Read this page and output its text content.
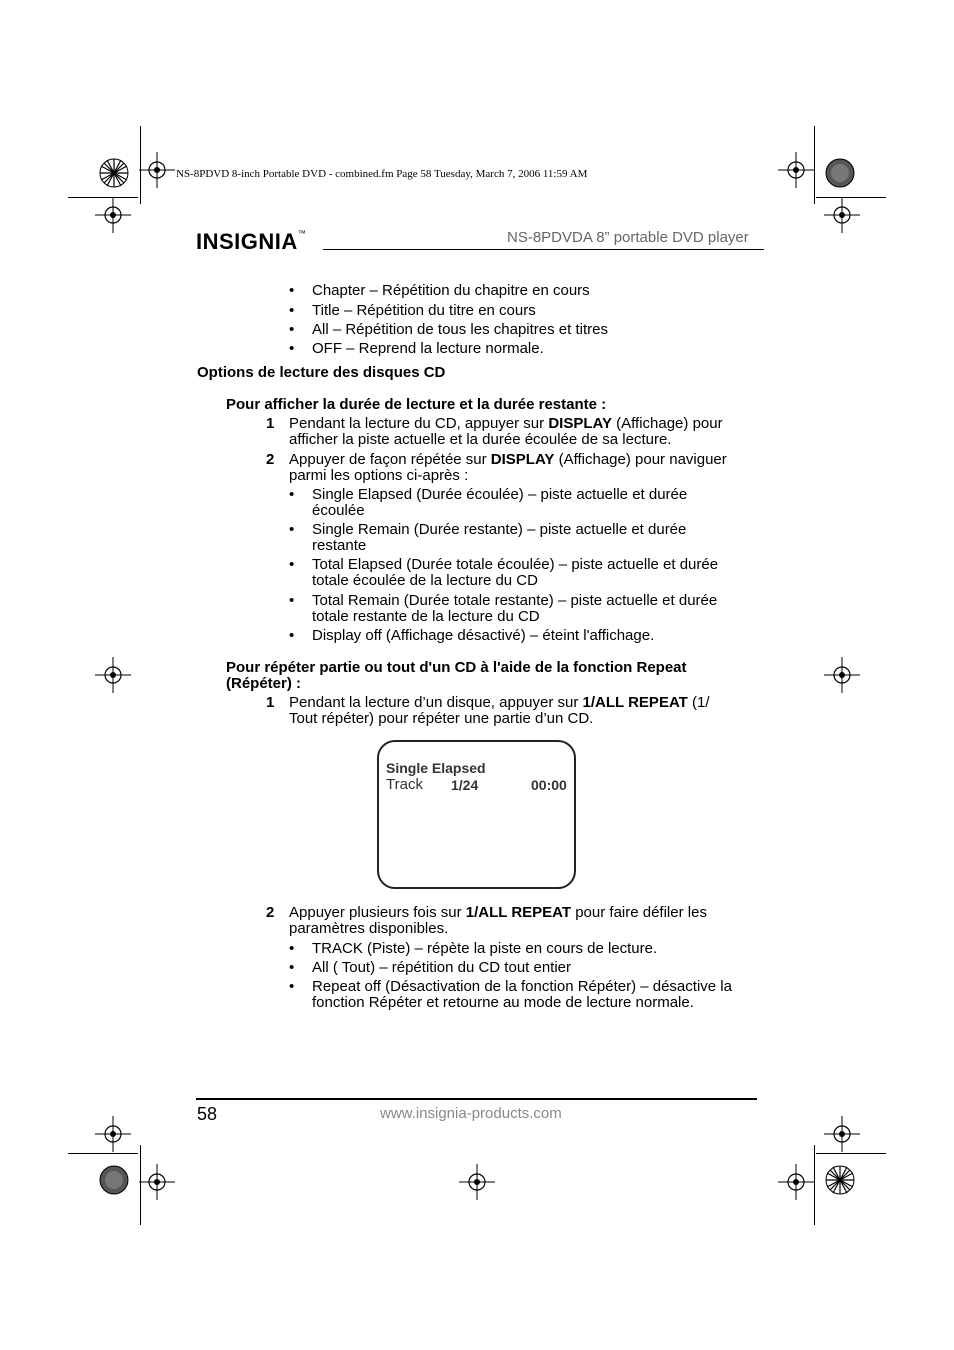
NS-8PDVD 8-inch Portable DVD - combined.fm Page 58 Tuesday, March 7, 2006 11:59 AM
INSIGNIA™	NS-8PDVDA 8” portable DVD player
• Chapter – Répétition du chapitre en cours
• Title – Répétition du titre en cours
• All – Répétition de tous les chapitres et titres
• OFF – Reprend la lecture normale.
Options de lecture des disques CD
Pour afficher la durée de lecture et la durée restante :
1 Pendant la lecture du CD, appuyer sur DISPLAY (Affichage) pour
afficher la piste actuelle et la durée écoulée de sa lecture.
2 Appuyer de façon répétée sur DISPLAY (Affichage) pour naviguer
parmi les options ci-après :
• Single Elapsed (Durée écoulée) – piste actuelle et durée
écoulée
• Single Remain (Durée restante) – piste actuelle et durée
restante
• Total Elapsed (Durée totale écoulée) – piste actuelle et durée
totale écoulée de la lecture du CD
• Total Remain (Durée totale restante) – piste actuelle et durée
totale restante de la lecture du CD
• Display off (Affichage désactivé) – éteint l'affichage.
Pour répéter partie ou tout d'un CD à l'aide de la fonction Repeat
(Répéter) :
1 Pendant la lecture d’un disque, appuyer sur 1/ALL REPEAT (1/
Tout répéter) pour répéter une partie d’un CD.
Single Elapsed
Track 1/24	00:00
2 Appuyer plusieurs fois sur 1/ALL REPEAT pour faire défiler les
paramètres disponibles.
• TRACK (Piste) – répète la piste en cours de lecture.
• All ( Tout) – répétition du CD tout entier
• Repeat off (Désactivation de la fonction Répéter) – désactive la
fonction Répéter et retourne au mode de lecture normale.
58	www.insignia-products.com
